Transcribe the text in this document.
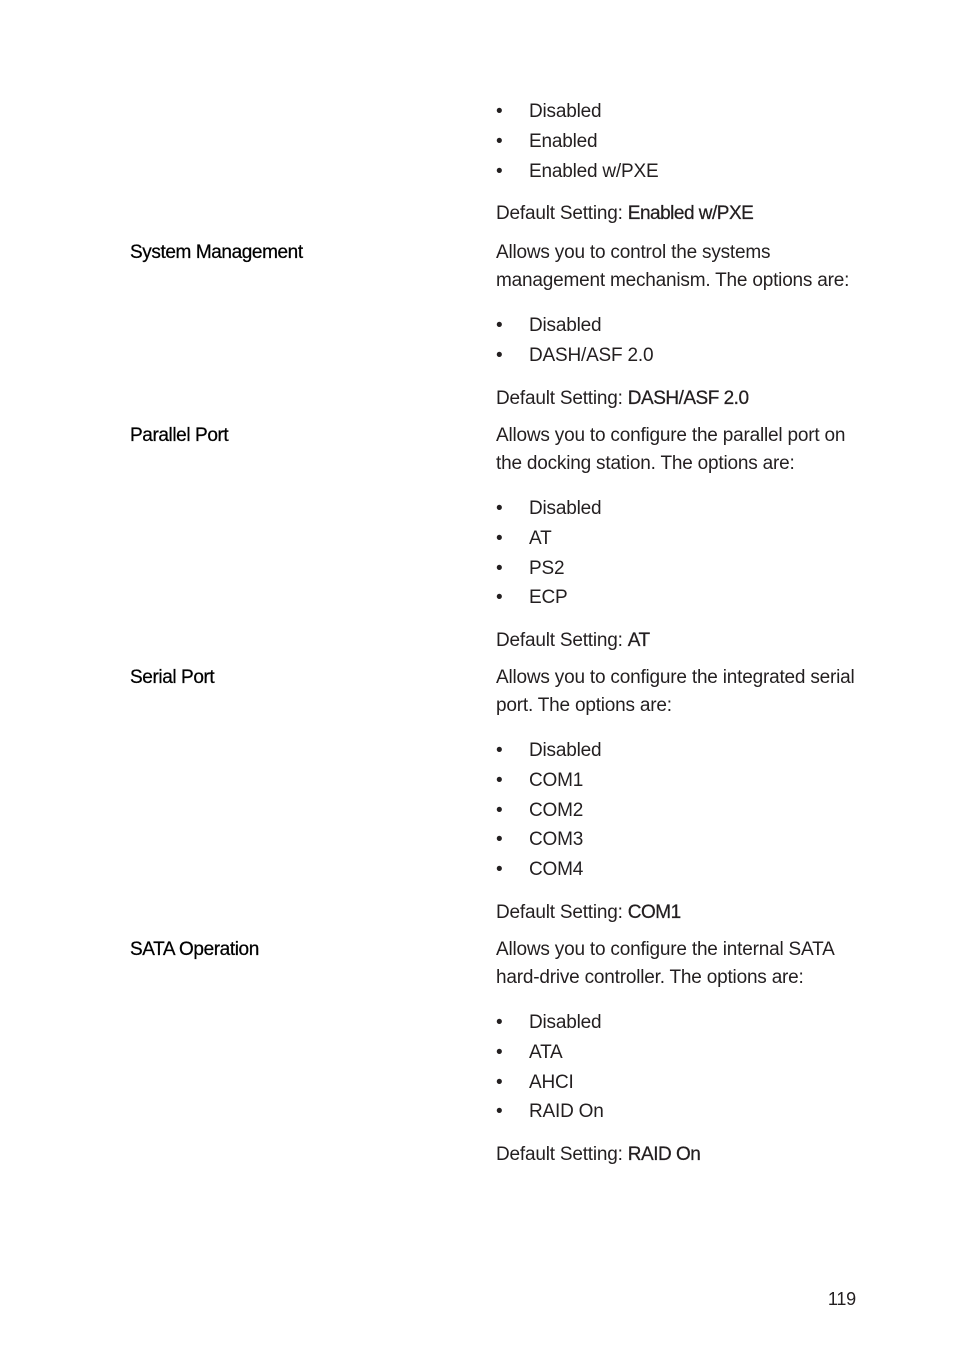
• Disabled
• Enabled
• Enabled w/PXE

Default Setting: Enabled w/PXE

System Management	Allows you to control the systems management mechanism. The options are:

• Disabled
• DASH/ASF 2.0

Default Setting: DASH/ASF 2.0

Parallel Port	Allows you to configure the parallel port on the docking station. The options are:

• Disabled
• AT
• PS2
• ECP

Default Setting: AT

Serial Port	Allows you to configure the integrated serial port. The options are:

• Disabled
• COM1
• COM2
• COM3
• COM4

Default Setting: COM1

SATA Operation	Allows you to configure the internal SATA hard-drive controller. The options are:

• Disabled
• ATA
• AHCI
• RAID On

Default Setting: RAID On

119
